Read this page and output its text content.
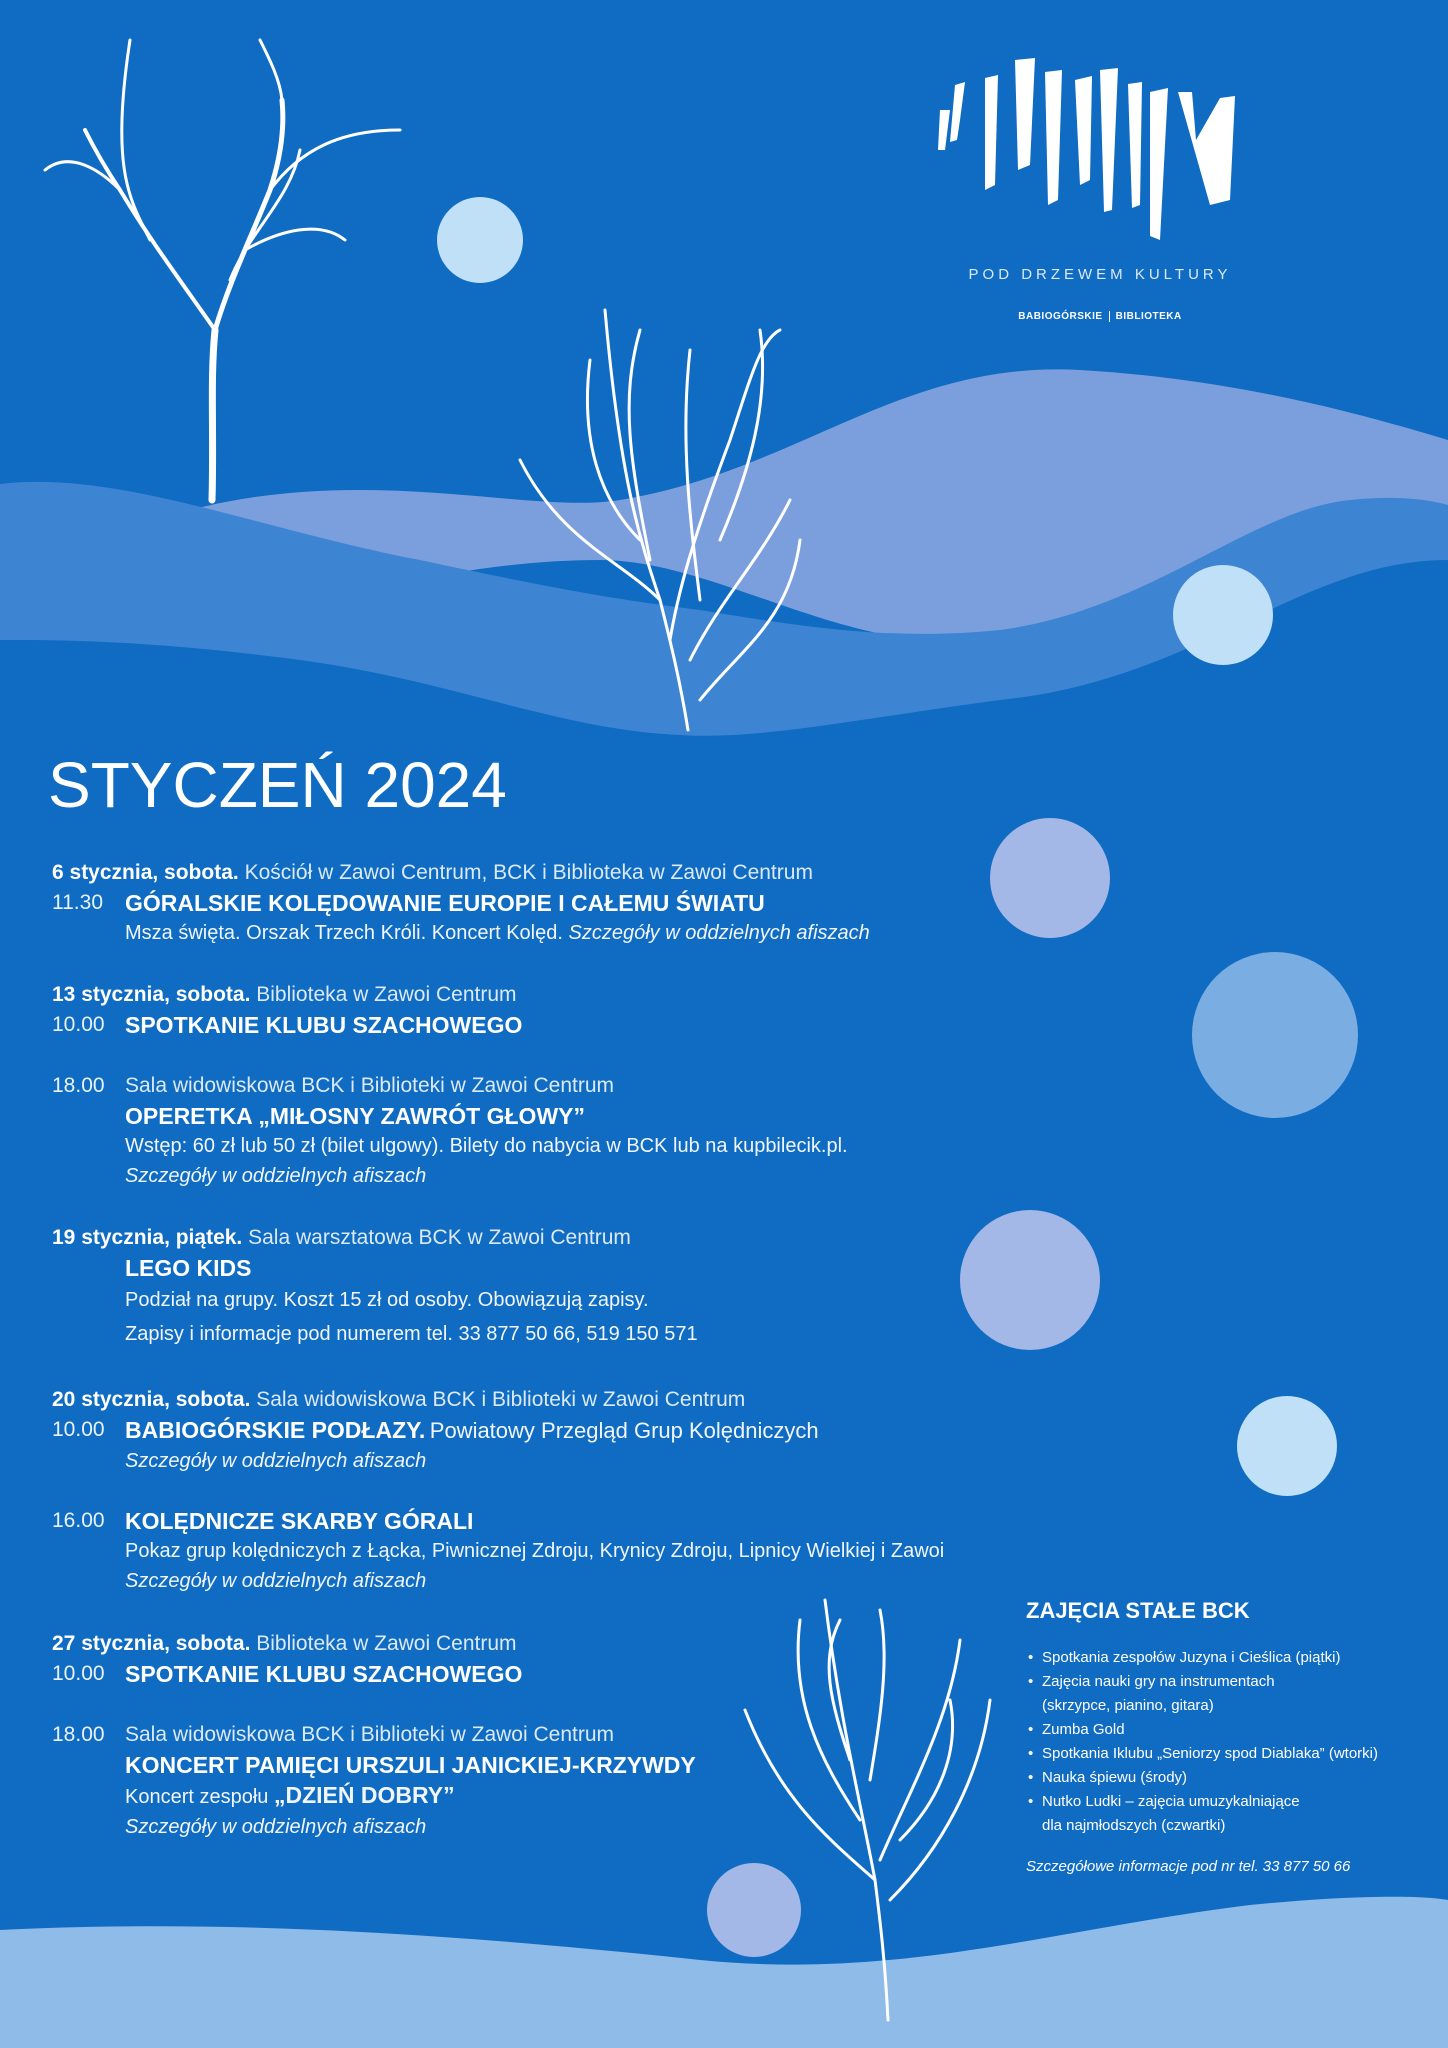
POD DRZEWEM KULTURY
BABIOGÓRSKIE BIBLIOTEKA
STYCZEŃ 2024
6 stycznia, sobota. Kościół w Zawoi Centrum, BCK i Biblioteka w Zawoi Centrum
11.30 GÓRALSKIE KOLĘDOWANIE EUROPIE I CAŁEMU ŚWIATU
Msza święta. Orszak Trzech Króli. Koncert Kolęd. Szczegóły w oddzielnych afiszach
13 stycznia, sobota. Biblioteka w Zawoi Centrum
10.00 SPOTKANIE KLUBU SZACHOWEGO
18.00 Sala widowiskowa BCK i Biblioteki w Zawoi Centrum
OPERETKA „MIŁOSNY ZAWRÓT GŁOWY”
Wstęp: 60 zł lub 50 zł (bilet ulgowy). Bilety do nabycia w BCK lub na kupbilecik.pl.
Szczegóły w oddzielnych afiszach
19 stycznia, piątek. Sala warsztatowa BCK w Zawoi Centrum
LEGO KIDS
Podział na grupy. Koszt 15 zł od osoby. Obowiązują zapisy.
Zapisy i informacje pod numerem tel. 33 877 50 66, 519 150 571
20 stycznia, sobota. Sala widowiskowa BCK i Biblioteki w Zawoi Centrum
10.00 BABIOGÓRSKIE PODŁAZY. Powiatowy Przegląd Grup Kolędniczych
Szczegóły w oddzielnych afiszach
16.00 KOLĘDNICZE SKARBY GÓRALI
Pokaz grup kolędniczych z Łącka, Piwnicznej Zdroju, Krynicy Zdroju, Lipnicy Wielkiej i Zawoi
Szczegóły w oddzielnych afiszach
27 stycznia, sobota. Biblioteka w Zawoi Centrum
10.00 SPOTKANIE KLUBU SZACHOWEGO
18.00 Sala widowiskowa BCK i Biblioteki w Zawoi Centrum
KONCERT PAMIĘCI URSZULI JANICKIEJ-KRZYWDY
Koncert zespołu „DZIEŃ DOBRY”
Szczegóły w oddzielnych afiszach
ZAJĘCIA STAŁE BCK
• Spotkania zespołów Juzyna i Cieślica (piątki)
• Zajęcia nauki gry na instrumentach
(skrzypce, pianino, gitara)
• Zumba Gold
• Spotkania Iklubu „Seniorzy spod Diablaka” (wtorki)
• Nauka śpiewu (środy)
• Nutko Ludki – zajęcia umuzykalniające
dla najmłodszych (czwartki)
Szczegółowe informacje pod nr tel. 33 877 50 66
